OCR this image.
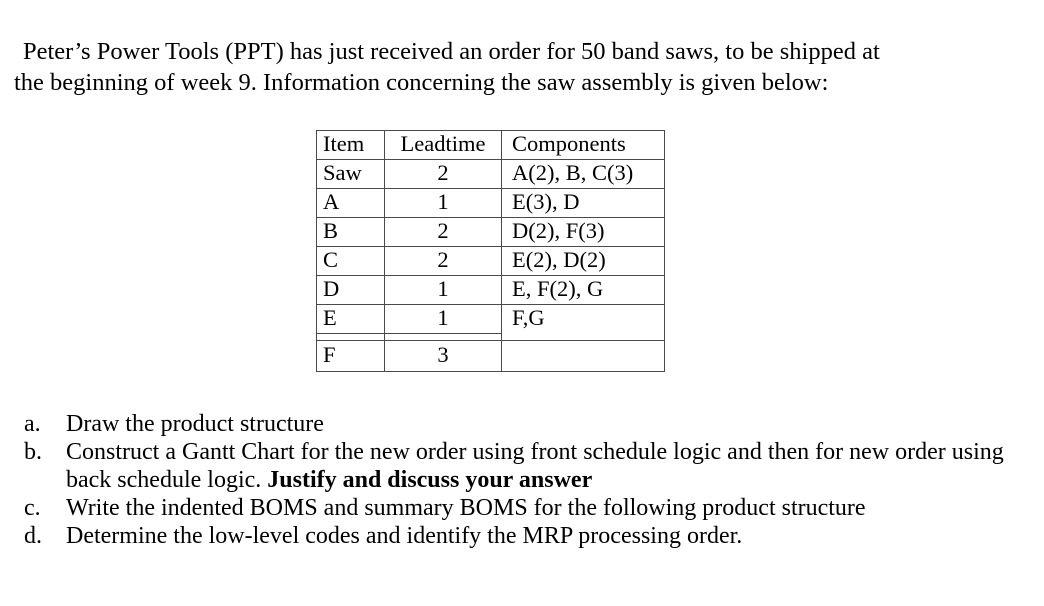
Peter’s Power Tools (PPT) has just received an order for 50 band saws, to be shipped at
the beginning of week 9. Information concerning the saw assembly is given below:
Item	Leadtime	Components
Saw	2	A(2), B, C(3)
A	1	E(3), D
B	2	D(2), F(3)
C	2	E(2), D(2)
D	1	E, F(2), G
E	1	F,G

F	3	
a. Draw the product structure
b. Construct a Gantt Chart for the new order using front schedule logic and then for new order using back schedule logic. Justify and discuss your answer
c. Write the indented BOMS and summary BOMS for the following product structure
d. Determine the low-level codes and identify the MRP processing order.
